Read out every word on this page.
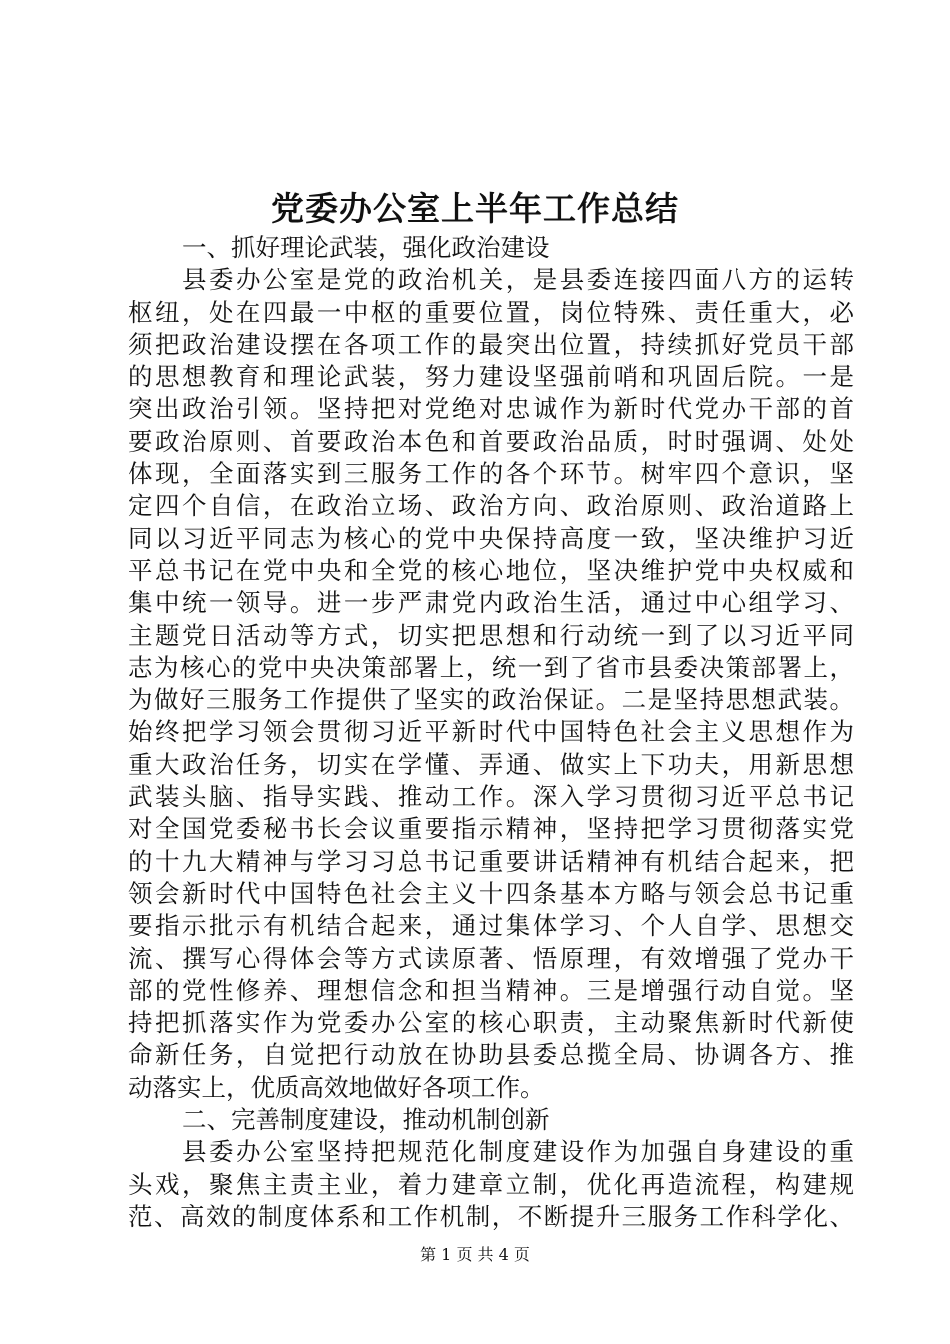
党委办公室上半年工作总结
一、抓好理论武装，强化政治建设
县委办公室是党的政治机关，是县委连接四面八方的运转
枢纽，处在四最一中枢的重要位置，岗位特殊、责任重大，必
须把政治建设摆在各项工作的最突出位置，持续抓好党员干部
的思想教育和理论武装，努力建设坚强前哨和巩固后院。一是
突出政治引领。坚持把对党绝对忠诚作为新时代党办干部的首
要政治原则、首要政治本色和首要政治品质，时时强调、处处
体现，全面落实到三服务工作的各个环节。树牢四个意识，坚
定四个自信，在政治立场、政治方向、政治原则、政治道路上
同以习近平同志为核心的党中央保持高度一致，坚决维护习近
平总书记在党中央和全党的核心地位，坚决维护党中央权威和
集中统一领导。进一步严肃党内政治生活，通过中心组学习、
主题党日活动等方式，切实把思想和行动统一到了以习近平同
志为核心的党中央决策部署上，统一到了省市县委决策部署上，
为做好三服务工作提供了坚实的政治保证。二是坚持思想武装。
始终把学习领会贯彻习近平新时代中国特色社会主义思想作为
重大政治任务，切实在学懂、弄通、做实上下功夫，用新思想
武装头脑、指导实践、推动工作。深入学习贯彻习近平总书记
对全国党委秘书长会议重要指示精神，坚持把学习贯彻落实党
的十九大精神与学习习总书记重要讲话精神有机结合起来，把
领会新时代中国特色社会主义十四条基本方略与领会总书记重
要指示批示有机结合起来，通过集体学习、个人自学、思想交
流、撰写心得体会等方式读原著、悟原理，有效增强了党办干
部的党性修养、理想信念和担当精神。三是增强行动自觉。坚
持把抓落实作为党委办公室的核心职责，主动聚焦新时代新使
命新任务，自觉把行动放在协助县委总揽全局、协调各方、推
动落实上，优质高效地做好各项工作。
二、完善制度建设，推动机制创新
县委办公室坚持把规范化制度建设作为加强自身建设的重
头戏，聚焦主责主业，着力建章立制，优化再造流程，构建规
范、高效的制度体系和工作机制，不断提升三服务工作科学化、
第 1 页 共 4 页
